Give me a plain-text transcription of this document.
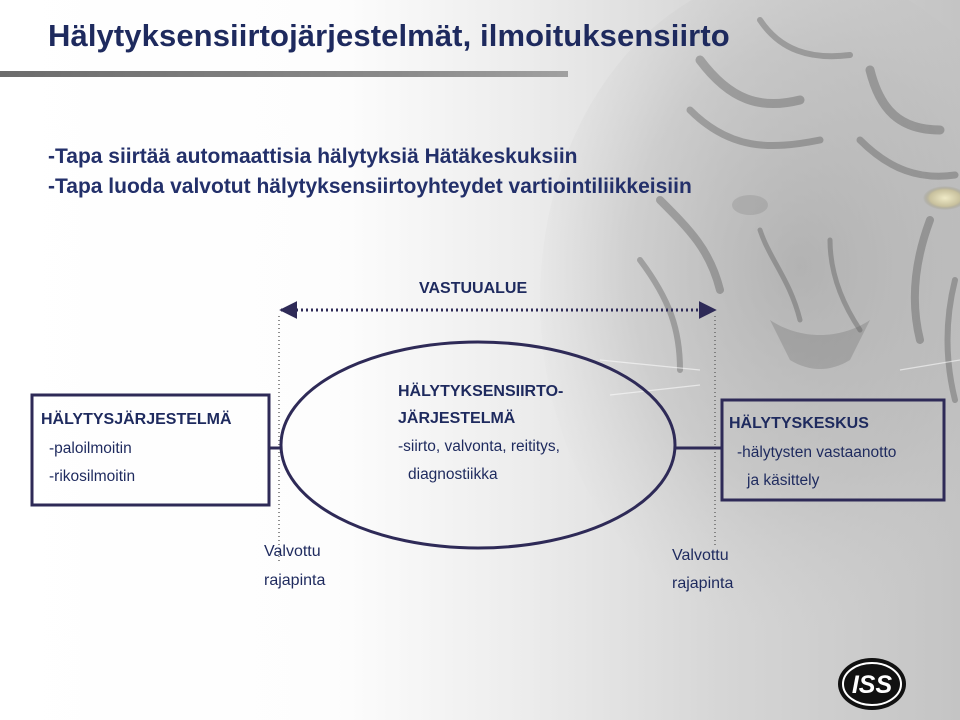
Hälytyksensiirtojärjestelmät, ilmoituksensiirto
-Tapa siirtää automaattisia hälytyksiä Hätäkeskuksiin
-Tapa luoda valvotut hälytyksensiirtoyhteydet vartiointiliikkeisiin
VASTUUALUE
HÄLYTYSJÄRJESTELMÄ
-paloilmoitin
-rikosilmoitin
HÄLYTYKSENSIIRTO-
JÄRJESTELMÄ
-siirto, valvonta, reititys,
diagnostiikka
HÄLYTYSKESKUS
-hälytysten vastaanotto
ja käsittely
Valvottu
rajapinta
Valvottu
rajapinta
ISS
